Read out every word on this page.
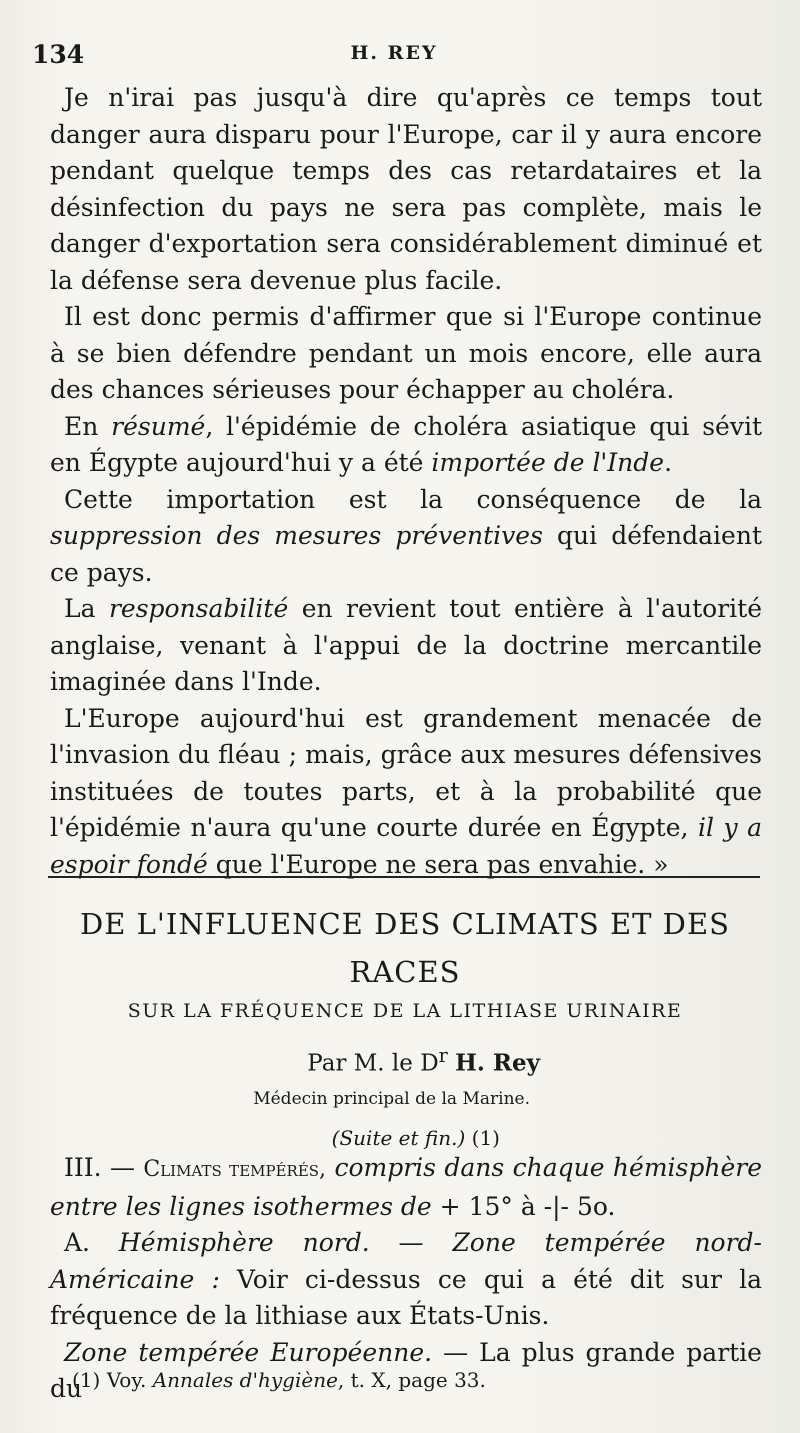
134	H. REY

Je n'irai pas jusqu'à dire qu'après ce temps tout danger aura disparu pour l'Europe, car il y aura encore pendant quelque temps des cas retardataires et la désinfection du pays ne sera pas complète, mais le danger d'exportation sera considérablement diminué et la défense sera devenue plus facile.

Il est donc permis d'affirmer que si l'Europe continue à se bien défendre pendant un mois encore, elle aura des chances sérieuses pour échapper au choléra.

En résumé, l'épidémie de choléra asiatique qui sévit en Égypte aujourd'hui y a été importée de l'Inde.

Cette importation est la conséquence de la suppression des mesures préventives qui défendaient ce pays.

La responsabilité en revient tout entière à l'autorité anglaise, venant à l'appui de la doctrine mercantile imaginée dans l'Inde.

L'Europe aujourd'hui est grandement menacée de l'invasion du fléau ; mais, grâce aux mesures défensives instituées de toutes parts, et à la probabilité que l'épidémie n'aura qu'une courte durée en Égypte, il y a espoir fondé que l'Europe ne sera pas envahie. »

DE L'INFLUENCE DES CLIMATS ET DES RACES

SUR LA FRÉQUENCE DE LA LITHIASE URINAIRE

Par M. le $D^r$ H. Rey

Médecin principal de la Marine.

(Suite et fin.) (1)

III. — Climats tempérés, compris dans chaque hémisphère entre les lignes isothermes de + 15° à -|- 5o.

A. Hémisphère nord. — Zone tempérée nord-Américaine : Voir ci-dessus ce qui a été dit sur la fréquence de la lithiase aux États-Unis.

Zone tempérée Européenne. — La plus grande partie du

(1) Voy. Annales d'hygiène, t. X, page 33.
